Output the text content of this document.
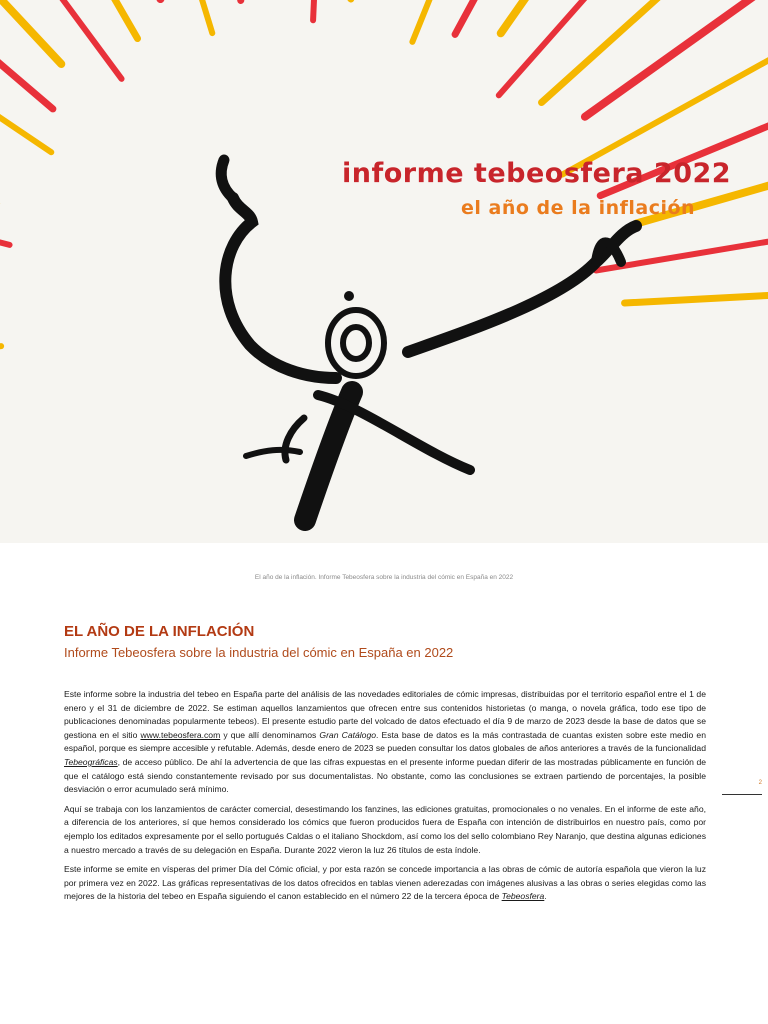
informe tebeosfera 2022
el año de la inflación
El año de la inflación. Informe Tebeosfera sobre la industria del cómic en España en 2022
EL AÑO DE LA INFLACIÓN
Informe Tebeosfera sobre la industria del cómic en España en 2022

Este informe sobre la industria del tebeo en España parte del análisis de las novedades editoriales de cómic impresas, distribuidas por el territorio español entre el 1 de enero y el 31 de diciembre de 2022. Se estiman aquellos lanzamientos que ofrecen entre sus contenidos historietas (o manga, o novela gráfica, todo ese tipo de publicaciones denominadas popularmente tebeos). El presente estudio parte del volcado de datos efectuado el día 9 de marzo de 2023 desde la base de datos que se gestiona en el sitio www.tebeosfera.com y que allí denominamos Gran Catálogo. Esta base de datos es la más contrastada de cuantas existen sobre este medio en español, porque es siempre accesible y refutable. Además, desde enero de 2023 se pueden consultar los datos globales de años anteriores a través de la funcionalidad Tebeográficas, de acceso público. De ahí la advertencia de que las cifras expuestas en el presente informe puedan diferir de las mostradas públicamente en función de que el catálogo está siendo constantemente revisado por sus documentalistas. No obstante, como las conclusiones se extraen partiendo de porcentajes, la posible desviación o error acumulado será mínimo.

Aquí se trabaja con los lanzamientos de carácter comercial, desestimando los fanzines, las ediciones gratuitas, promocionales o no venales. En el informe de este año, a diferencia de los anteriores, sí que hemos considerado los cómics que fueron producidos fuera de España con intención de distribuirlos en nuestro país, como por ejemplo los editados expresamente por el sello portugués Caldas o el italiano Shockdom, así como los del sello colombiano Rey Naranjo, que destina algunas ediciones a nuestro mercado a través de su delegación en España. Durante 2022 vieron la luz 26 títulos de esta índole.

Este informe se emite en vísperas del primer Día del Cómic oficial, y por esta razón se concede importancia a las obras de cómic de autoría española que vieron la luz por primera vez en 2022. Las gráficas representativas de los datos ofrecidos en tablas vienen aderezadas con imágenes alusivas a las obras o series elegidas como las mejores de la historia del tebeo en España siguiendo el canon establecido en el número 22 de la tercera época de Tebeosfera.

2
